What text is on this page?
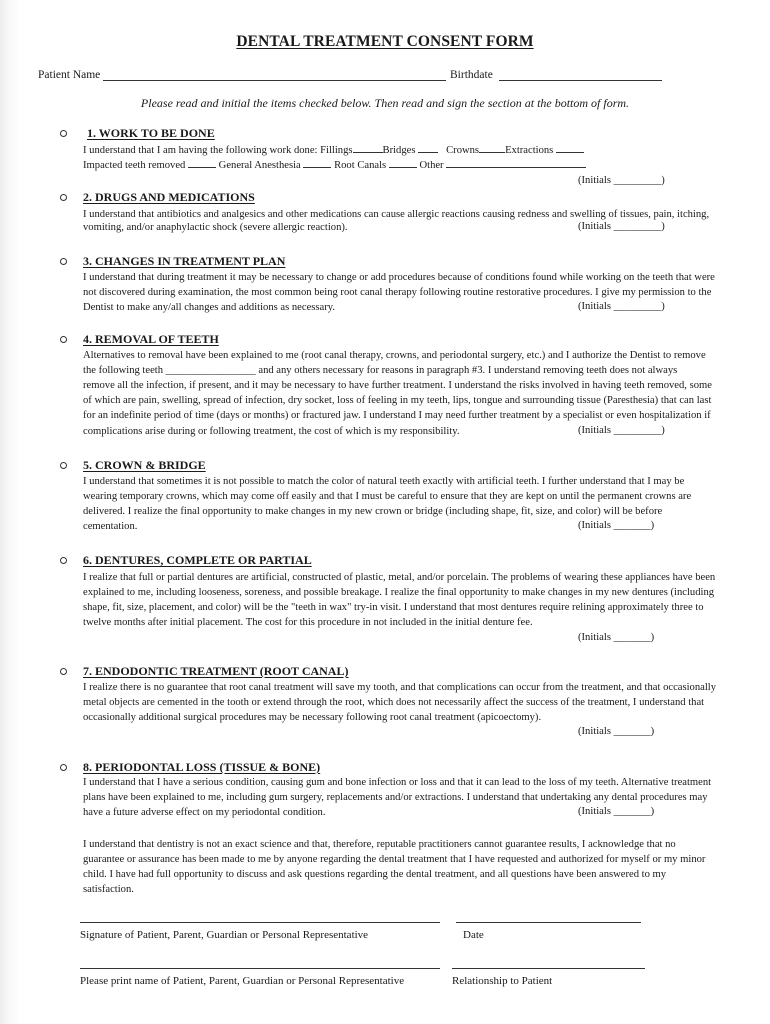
DENTAL TREATMENT CONSENT FORM
Patient Name	Birthdate
Please read and initial the items checked below. Then read and sign the section at the bottom of form.
1. WORK TO BE DONE
I understand that I am having the following work done: Fillings	Bridges	Crowns Extractions
Impacted teeth removed	General Anesthesia	Root Canals	Other
(Initials _________)
2. DRUGS AND MEDICATIONS
I understand that antibiotics and analgesics and other medications can cause allergic reactions causing redness and swelling of tissues, pain, itching,
vomiting, and/or anaphylactic shock (severe allergic reaction).	(Initials _________)
3. CHANGES IN TREATMENT PLAN
I understand that during treatment it may be necessary to change or add procedures because of conditions found while working on the teeth that were
not discovered during examination, the most common being root canal therapy following routine restorative procedures. I give my permission to the
Dentist to make any/all changes and additions as necessary.	(Initials _________)
4. REMOVAL OF TEETH
Alternatives to removal have been explained to me (root canal therapy, crowns, and periodontal surgery, etc.) and I authorize the Dentist to remove
the following teeth _________________ and any others necessary for reasons in paragraph #3. I understand removing teeth does not always
remove all the infection, if present, and it may be necessary to have further treatment. I understand the risks involved in having teeth removed, some
of which are pain, swelling, spread of infection, dry socket, loss of feeling in my teeth, lips, tongue and surrounding tissue (Paresthesia) that can last
for an indefinite period of time (days or months) or fractured jaw. I understand I may need further treatment by a specialist or even hospitalization if
complications arise during or following treatment, the cost of which is my responsibility.	(Initials _________)
5. CROWN & BRIDGE
I understand that sometimes it is not possible to match the color of natural teeth exactly with artificial teeth. I further understand that I may be
wearing temporary crowns, which may come off easily and that I must be careful to ensure that they are kept on until the permanent crowns are
delivered. I realize the final opportunity to make changes in my new crown or bridge (including shape, fit, size, and color) will be before
cementation.	(Initials _______)
6. DENTURES, COMPLETE OR PARTIAL
I realize that full or partial dentures are artificial, constructed of plastic, metal, and/or porcelain. The problems of wearing these appliances have been
explained to me, including looseness, soreness, and possible breakage. I realize the final opportunity to make changes in my new dentures (including
shape, fit, size, placement, and color) will be the "teeth in wax" try-in visit. I understand that most dentures require relining approximately three to
twelve months after initial placement. The cost for this procedure in not included in the initial denture fee.
(Initials _______)
7. ENDODONTIC TREATMENT (ROOT CANAL)
I realize there is no guarantee that root canal treatment will save my tooth, and that complications can occur from the treatment, and that occasionally
metal objects are cemented in the tooth or extend through the root, which does not necessarily affect the success of the treatment, I understand that
occasionally additional surgical procedures may be necessary following root canal treatment (apicoectomy).
(Initials _______)
8. PERIODONTAL LOSS (TISSUE & BONE)
I understand that I have a serious condition, causing gum and bone infection or loss and that it can lead to the loss of my teeth. Alternative treatment
plans have been explained to me, including gum surgery, replacements and/or extractions. I understand that undertaking any dental procedures may
have a future adverse effect on my periodontal condition.	(Initials _______)
I understand that dentistry is not an exact science and that, therefore, reputable practitioners cannot guarantee results, I acknowledge that no
guarantee or assurance has been made to me by anyone regarding the dental treatment that I have requested and authorized for myself or my minor
child. I have had full opportunity to discuss and ask questions regarding the dental treatment, and all questions have been answered to my
satisfaction.
Signature of Patient, Parent, Guardian or Personal Representative	Date
Please print name of Patient, Parent, Guardian or Personal Representative	Relationship to Patient
